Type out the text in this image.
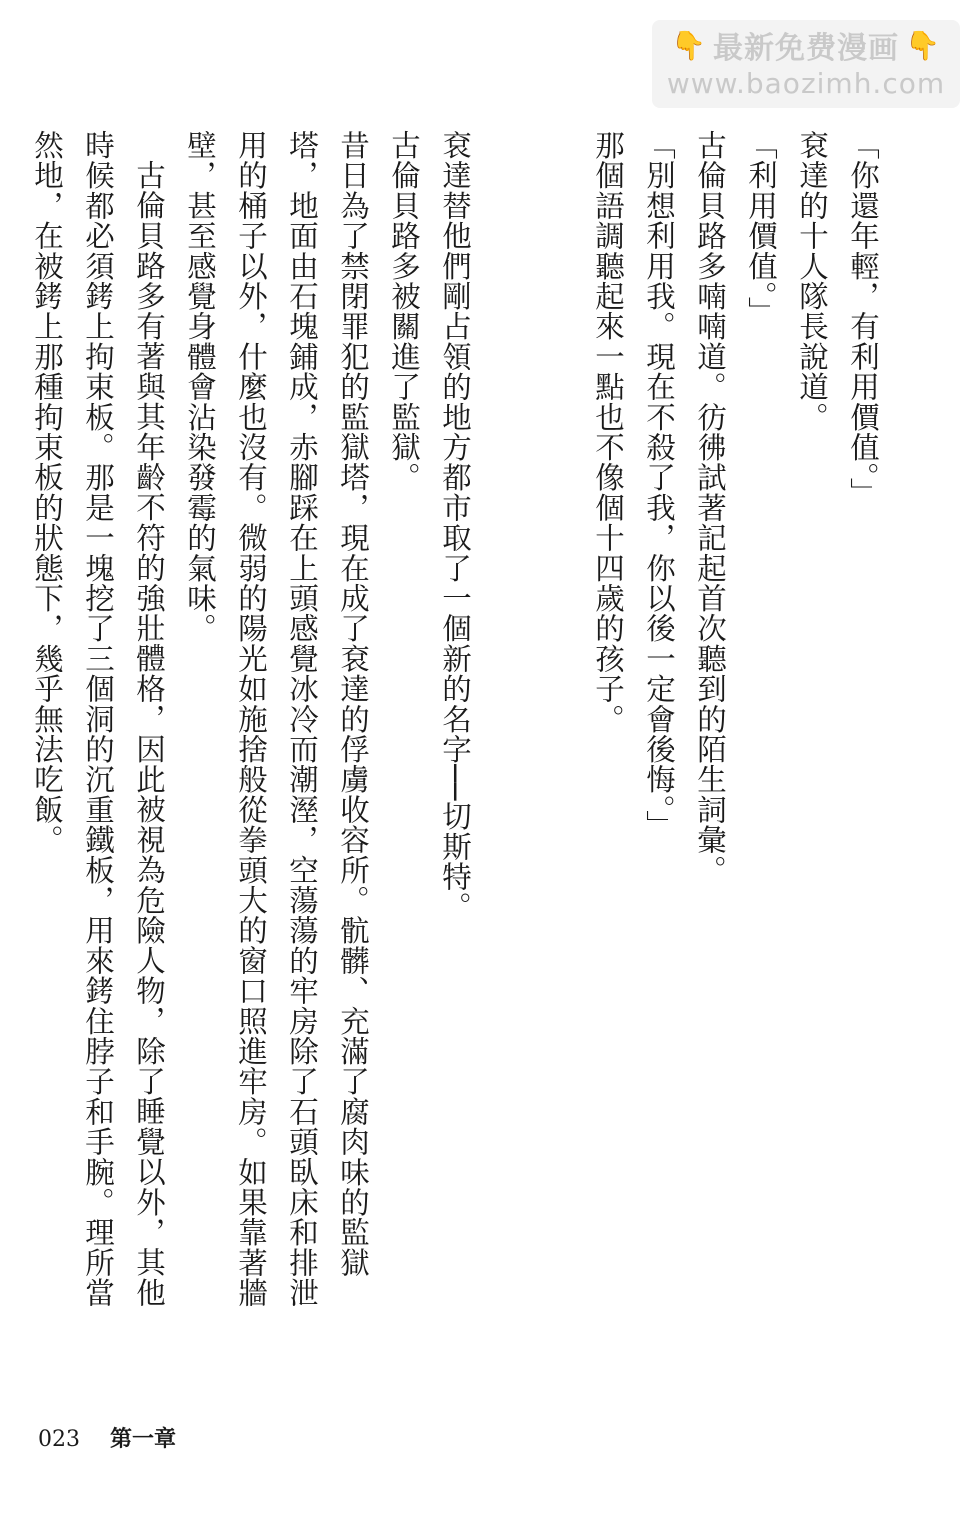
👇 最新免费漫画 👇
www.baozimh.com

「你還年輕，有利用價值。」

袞達的十人隊長說道。

「利用價值。」

古倫貝路多喃喃道。彷彿試著記起首次聽到的陌生詞彙。

「別想利用我。現在不殺了我，你以後一定會後悔。」

那個語調聽起來一點也不像個十四歲的孩子。

袞達替他們剛占領的地方都市取了一個新的名字──切斯特。

古倫貝路多被關進了監獄。

昔日為了禁閉罪犯的監獄塔，現在成了袞達的俘虜收容所。骯髒、充滿了腐肉味的監獄塔，地面由石塊鋪成，赤腳踩在上頭感覺冰冷而潮溼，空蕩蕩的牢房除了石頭臥床和排泄用的桶子以外，什麼也沒有。微弱的陽光如施捨般從拳頭大的窗口照進牢房。如果靠著牆壁，甚至感覺身體會沾染發霉的氣味。

古倫貝路多有著與其年齡不符的強壯體格，因此被視為危險人物，除了睡覺以外，其他時候都必須銬上拘束板。那是一塊挖了三個洞的沉重鐵板，用來銬住脖子和手腕。理所當然地，在被銬上那種拘束板的狀態下，幾乎無法吃飯。

023 第一章
